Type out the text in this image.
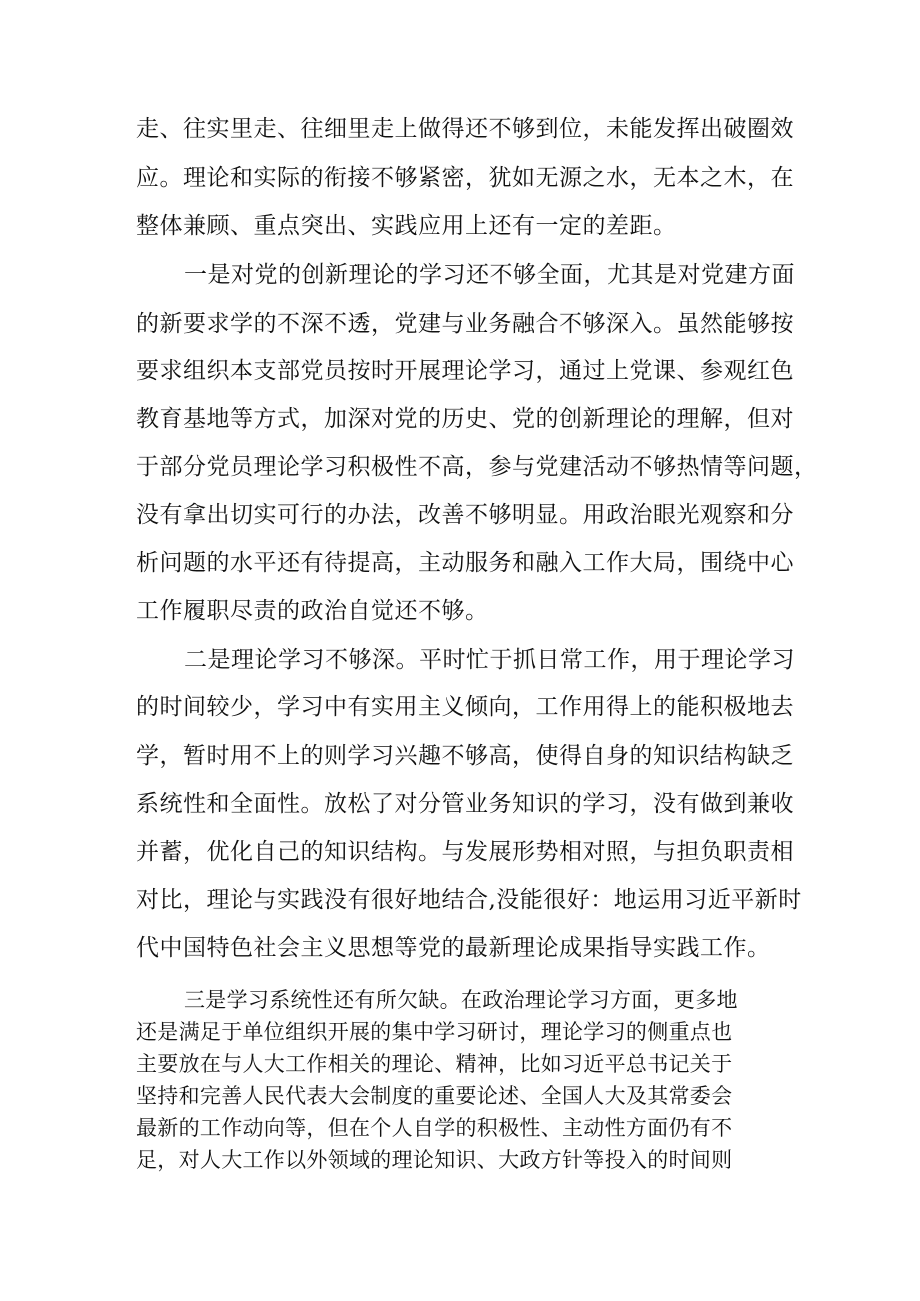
走、往实里走、往细里走上做得还不够到位，未能发挥出破圈效
应。理论和实际的衔接不够紧密，犹如无源之水，无本之木，在
整体兼顾、重点突出、实践应用上还有一定的差距。
一是对党的创新理论的学习还不够全面，尤其是对党建方面
的新要求学的不深不透，党建与业务融合不够深入。虽然能够按
要求组织本支部党员按时开展理论学习，通过上党课、参观红色
教育基地等方式，加深对党的历史、党的创新理论的理解，但对
于部分党员理论学习积极性不高，参与党建活动不够热情等问题，
没有拿出切实可行的办法，改善不够明显。用政治眼光观察和分
析问题的水平还有待提高，主动服务和融入工作大局，围绕中心
工作履职尽责的政治自觉还不够。
二是理论学习不够深。平时忙于抓日常工作，用于理论学习
的时间较少，学习中有实用主义倾向，工作用得上的能积极地去
学，暂时用不上的则学习兴趣不够高，使得自身的知识结构缺乏
系统性和全面性。放松了对分管业务知识的学习，没有做到兼收
并蓄，优化自己的知识结构。与发展形势相对照，与担负职责相
对比，理论与实践没有很好地结合,没能很好：地运用习近平新时
代中国特色社会主义思想等党的最新理论成果指导实践工作。
三是学习系统性还有所欠缺。在政治理论学习方面，更多地
还是满足于单位组织开展的集中学习研讨，理论学习的侧重点也
主要放在与人大工作相关的理论、精神，比如习近平总书记关于
坚持和完善人民代表大会制度的重要论述、全国人大及其常委会
最新的工作动向等，但在个人自学的积极性、主动性方面仍有不
足，对人大工作以外领域的理论知识、大政方针等投入的时间则
